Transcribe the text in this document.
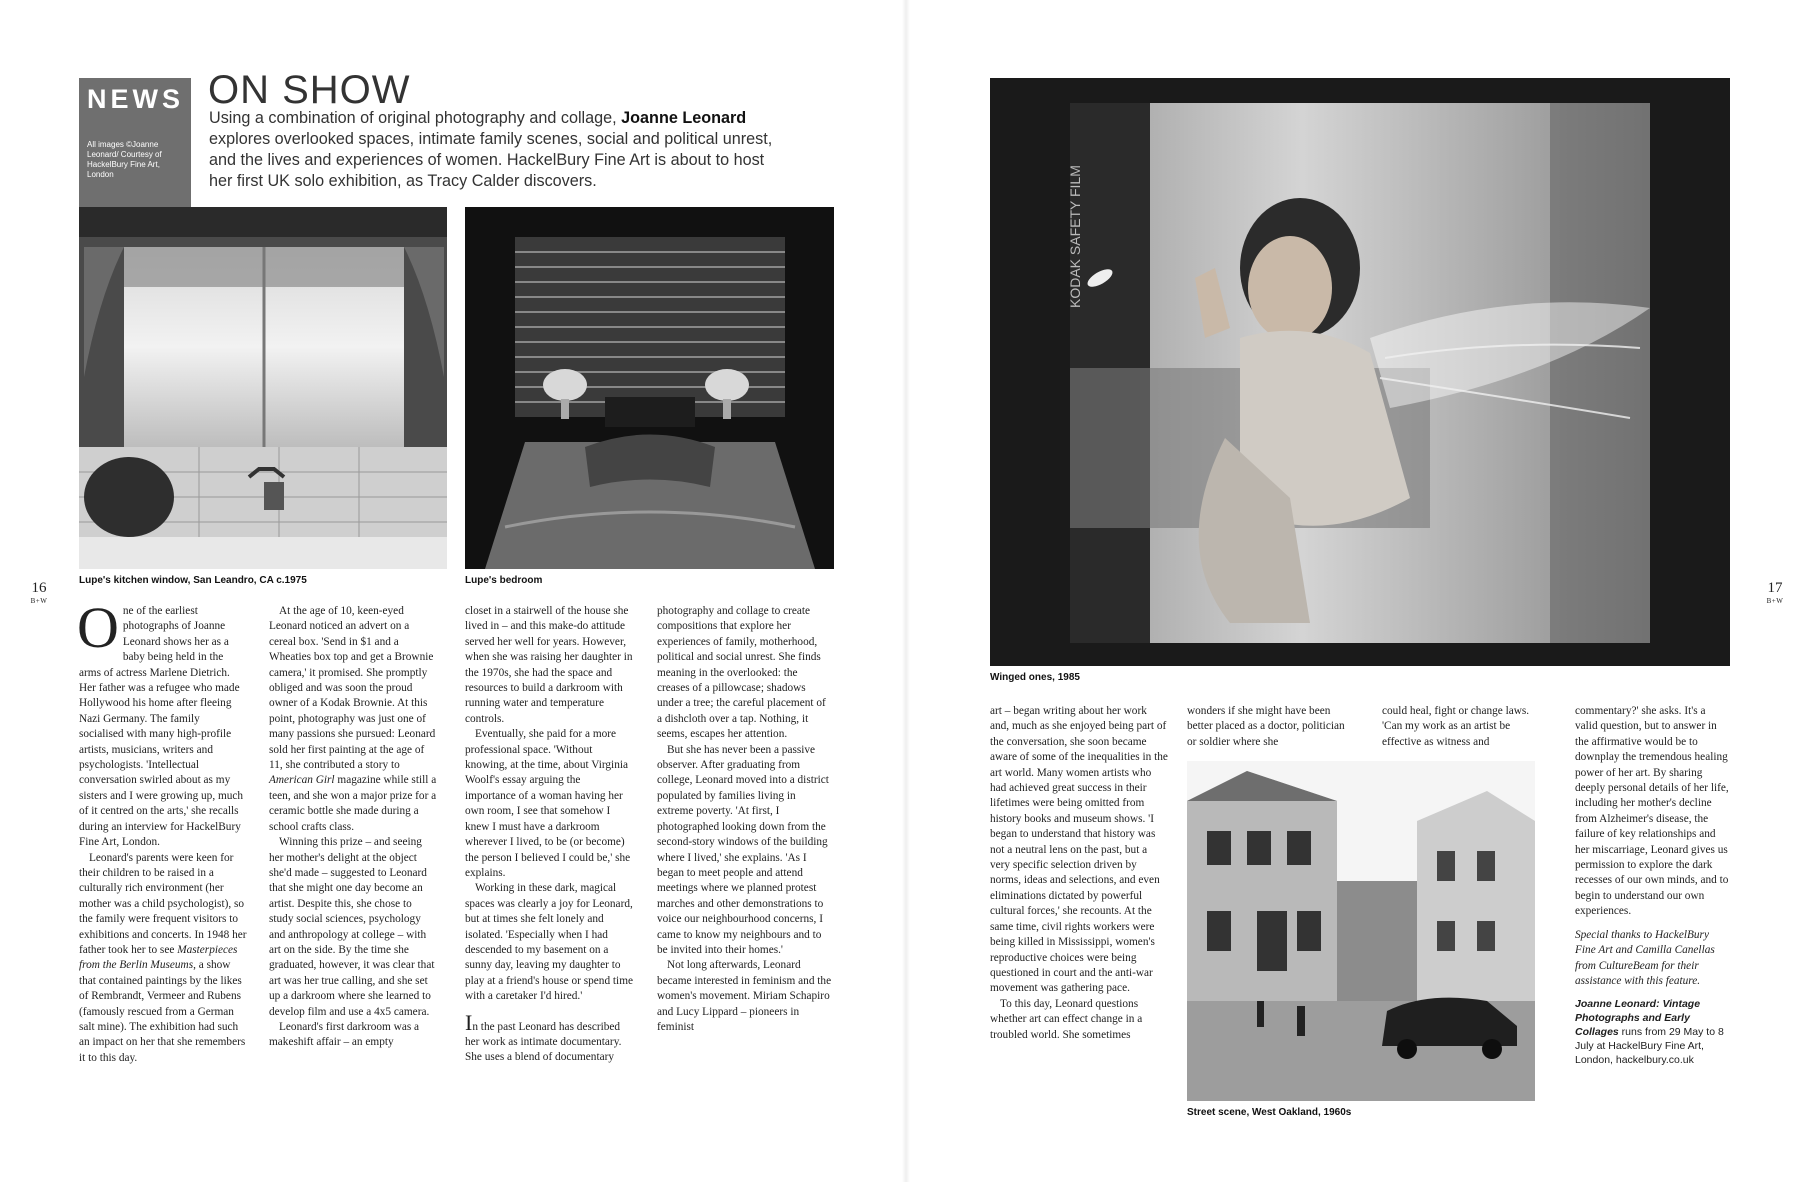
NEWS
All images ©Joanne Leonard/ Courtesy of HackelBury Fine Art, London
ON SHOW
Using a combination of original photography and collage, Joanne Leonard explores overlooked spaces, intimate family scenes, social and political unrest, and the lives and experiences of women. HackelBury Fine Art is about to host her first UK solo exhibition, as Tracy Calder discovers.
Lupe's kitchen window, San Leandro, CA c.1975	Lupe's bedroom
16
B+W One of the earliest photographs of Joanne Leonard shows her as a baby being held in the arms of actress Marlene Dietrich. Her father was a refugee who made Hollywood his home after fleeing Nazi Germany. The family socialised with many high-profile artists, musicians, writers and psychologists. 'Intellectual conversation swirled about as my sisters and I were growing up, much of it centred on the arts,' she recalls during an interview for HackelBury Fine Art, London.

Leonard's parents were keen for their children to be raised in a culturally rich environment (her mother was a child psychologist), so the family were frequent visitors to exhibitions and concerts. In 1948 her father took her to see Masterpieces from the Berlin Museums, a show that contained paintings by the likes of Rembrandt, Vermeer and Rubens (famously rescued from a German salt mine). The exhibition had such an impact on her that she remembers it to this day.

At the age of 10, keen-eyed Leonard noticed an advert on a cereal box. 'Send in $1 and a Wheaties box top and get a Brownie camera,' it promised. She promptly obliged and was soon the proud owner of a Kodak Brownie. At this point, photography was just one of many passions she pursued: Leonard sold her first painting at the age of 11, she contributed a story to American Girl magazine while still a teen, and she won a major prize for a ceramic bottle she made during a school crafts class.

Winning this prize – and seeing her mother's delight at the object she'd made – suggested to Leonard that she might one day become an artist. Despite this, she chose to study social sciences, psychology and anthropology at college – with art on the side. By the time she graduated, however, it was clear that art was her true calling, and she set up a darkroom where she learned to develop film and use a 4x5 camera.

Leonard's first darkroom was a makeshift affair – an empty

closet in a stairwell of the house she lived in – and this make-do attitude served her well for years. However, when she was raising her daughter in the 1970s, she had the space and resources to build a darkroom with running water and temperature controls.

Eventually, she paid for a more professional space. 'Without knowing, at the time, about Virginia Woolf's essay arguing the importance of a woman having her own room, I see that somehow I knew I must have a darkroom wherever I lived, to be (or become) the person I believed I could be,' she explains.

Working in these dark, magical spaces was clearly a joy for Leonard, but at times she felt lonely and isolated. 'Especially when I had descended to my basement on a sunny day, leaving my daughter to play at a friend's house or spend time with a caretaker I'd hired.'

In the past Leonard has described her work as intimate documentary. She uses a blend of documentary

photography and collage to create compositions that explore her experiences of family, motherhood, political and social unrest. She finds meaning in the overlooked: the creases of a pillowcase; shadows under a tree; the careful placement of a dishcloth over a tap. Nothing, it seems, escapes her attention.

But she has never been a passive observer. After graduating from college, Leonard moved into a district populated by families living in extreme poverty. 'At first, I photographed looking down from the second-story windows of the building where I lived,' she explains. 'As I began to meet people and attend meetings where we planned protest marches and other demonstrations to voice our neighbourhood concerns, I came to know my neighbours and to be invited into their homes.'

Not long afterwards, Leonard became interested in feminism and the women's movement. Miriam Schapiro and Lucy Lippard – pioneers in feminist

KODAK SAFETY FILM
Winged ones, 1985
Street scene, West Oakland, 1960s
17
B+W

art – began writing about her work and, much as she enjoyed being part of the conversation, she soon became aware of some of the inequalities in the art world. Many women artists who had achieved great success in their lifetimes were being omitted from history books and museum shows. 'I began to understand that history was not a neutral lens on the past, but a very specific selection driven by norms, ideas and selections, and even eliminations dictated by powerful cultural forces,' she recounts. At the same time, civil rights workers were being killed in Mississippi, women's reproductive choices were being questioned in court and the anti-war movement was gathering pace.

To this day, Leonard questions whether art can effect change in a troubled world. She sometimes

wonders if she might have been better placed as a doctor, politician or soldier where she

could heal, fight or change laws. 'Can my work as an artist be effective as witness and

commentary?' she asks. It's a valid question, but to answer in the affirmative would be to downplay the tremendous healing power of her art. By sharing deeply personal details of her life, including her mother's decline from Alzheimer's disease, the failure of key relationships and her miscarriage, Leonard gives us permission to explore the dark recesses of our own minds, and to begin to understand our own experiences.

Special thanks to HackelBury Fine Art and Camilla Canellas from CultureBeam for their assistance with this feature.

Joanne Leonard: Vintage Photographs and Early Collages runs from 29 May to 8 July at HackelBury Fine Art, London, hackelbury.co.uk
